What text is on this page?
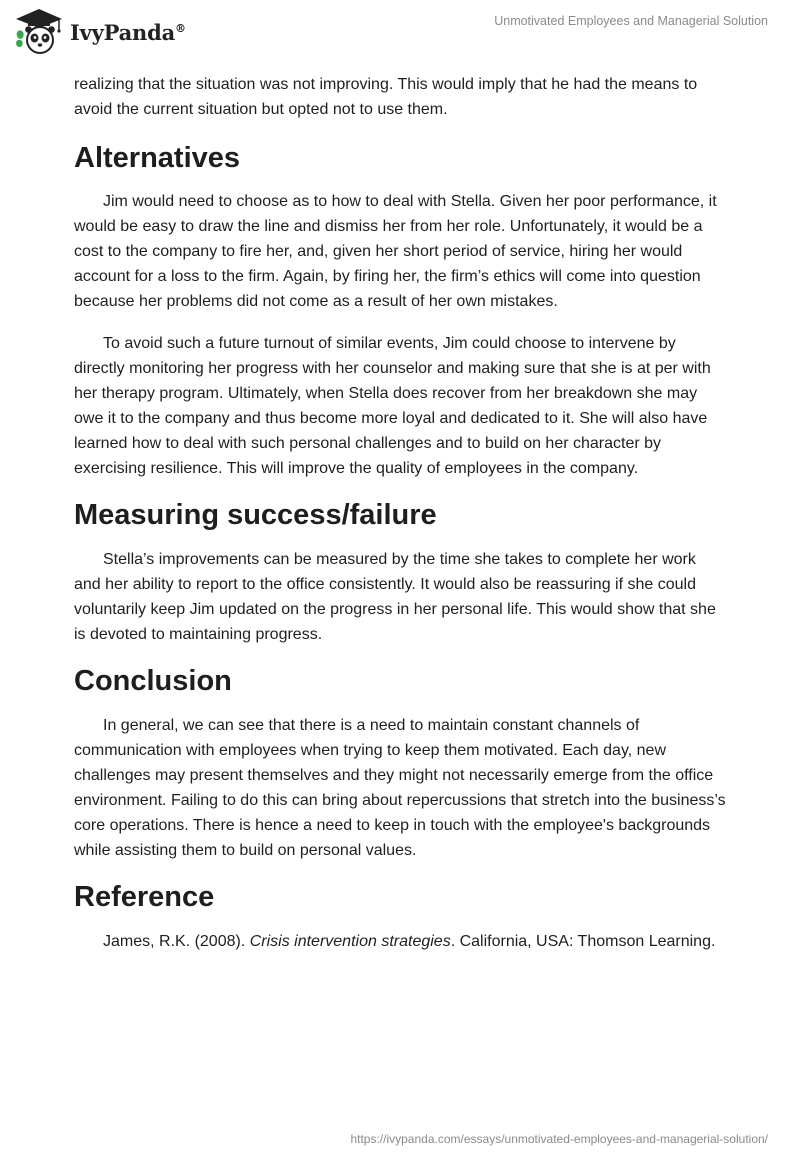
IvyPanda®	Unmotivated Employees and Managerial Solution

realizing that the situation was not improving. This would imply that he had the means to avoid the current situation but opted not to use them.

Alternatives

Jim would need to choose as to how to deal with Stella. Given her poor performance, it would be easy to draw the line and dismiss her from her role. Unfortunately, it would be a cost to the company to fire her, and, given her short period of service, hiring her would account for a loss to the firm. Again, by firing her, the firm’s ethics will come into question because her problems did not come as a result of her own mistakes.

To avoid such a future turnout of similar events, Jim could choose to intervene by directly monitoring her progress with her counselor and making sure that she is at per with her therapy program. Ultimately, when Stella does recover from her breakdown she may owe it to the company and thus become more loyal and dedicated to it. She will also have learned how to deal with such personal challenges and to build on her character by exercising resilience. This will improve the quality of employees in the company.

Measuring success/failure

Stella’s improvements can be measured by the time she takes to complete her work and her ability to report to the office consistently. It would also be reassuring if she could voluntarily keep Jim updated on the progress in her personal life. This would show that she is devoted to maintaining progress.

Conclusion

In general, we can see that there is a need to maintain constant channels of communication with employees when trying to keep them motivated. Each day, new challenges may present themselves and they might not necessarily emerge from the office environment. Failing to do this can bring about repercussions that stretch into the business’s core operations. There is hence a need to keep in touch with the employee's backgrounds while assisting them to build on personal values.

Reference

James, R.K. (2008). Crisis intervention strategies. California, USA: Thomson Learning.

https://ivypanda.com/essays/unmotivated-employees-and-managerial-solution/
